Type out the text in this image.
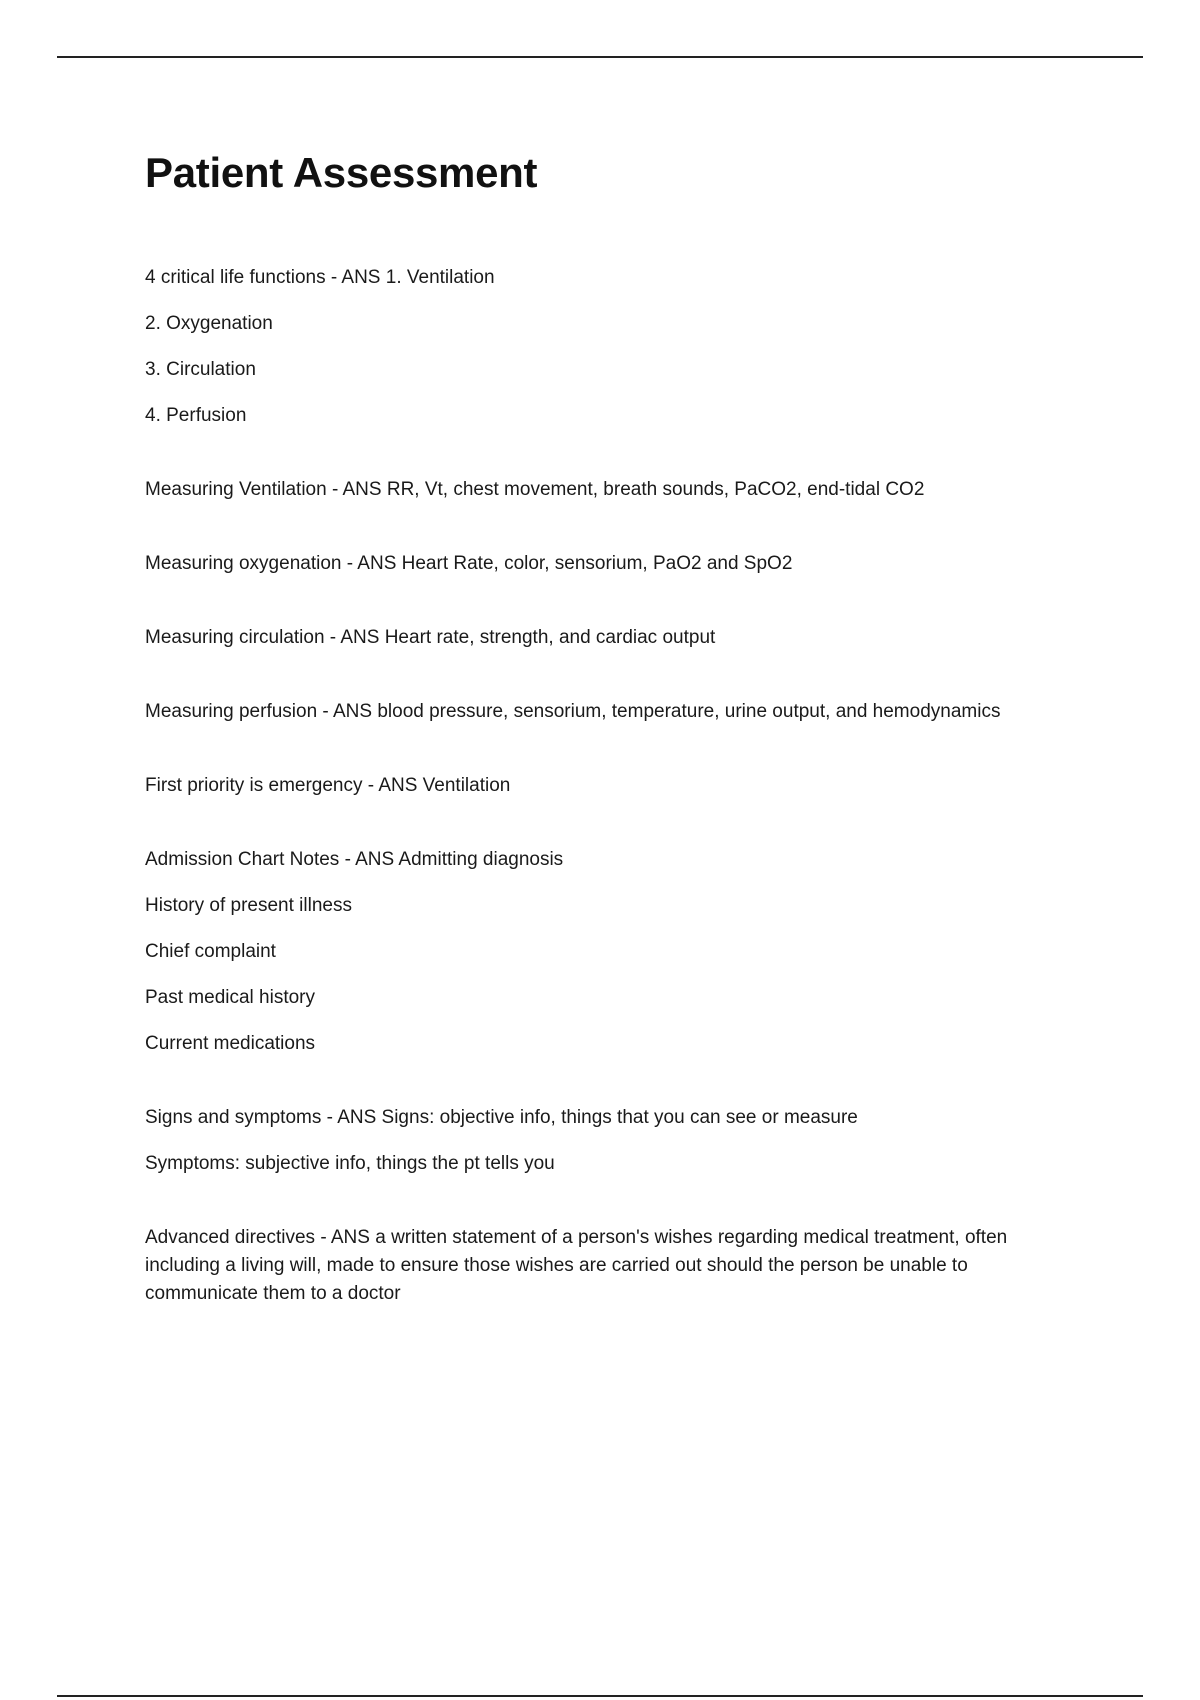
Patient Assessment

4 critical life functions - ANS 1. Ventilation

2. Oxygenation

3. Circulation

4. Perfusion

Measuring Ventilation - ANS RR, Vt, chest movement, breath sounds, PaCO2, end-tidal CO2

Measuring oxygenation - ANS Heart Rate, color, sensorium, PaO2 and SpO2

Measuring circulation - ANS Heart rate, strength, and cardiac output

Measuring perfusion - ANS blood pressure, sensorium, temperature, urine output, and hemodynamics

First priority is emergency - ANS Ventilation

Admission Chart Notes - ANS Admitting diagnosis

History of present illness

Chief complaint

Past medical history

Current medications

Signs and symptoms - ANS Signs: objective info, things that you can see or measure

Symptoms: subjective info, things the pt tells you

Advanced directives - ANS a written statement of a person's wishes regarding medical treatment, often including a living will, made to ensure those wishes are carried out should the person be unable to communicate them to a doctor
